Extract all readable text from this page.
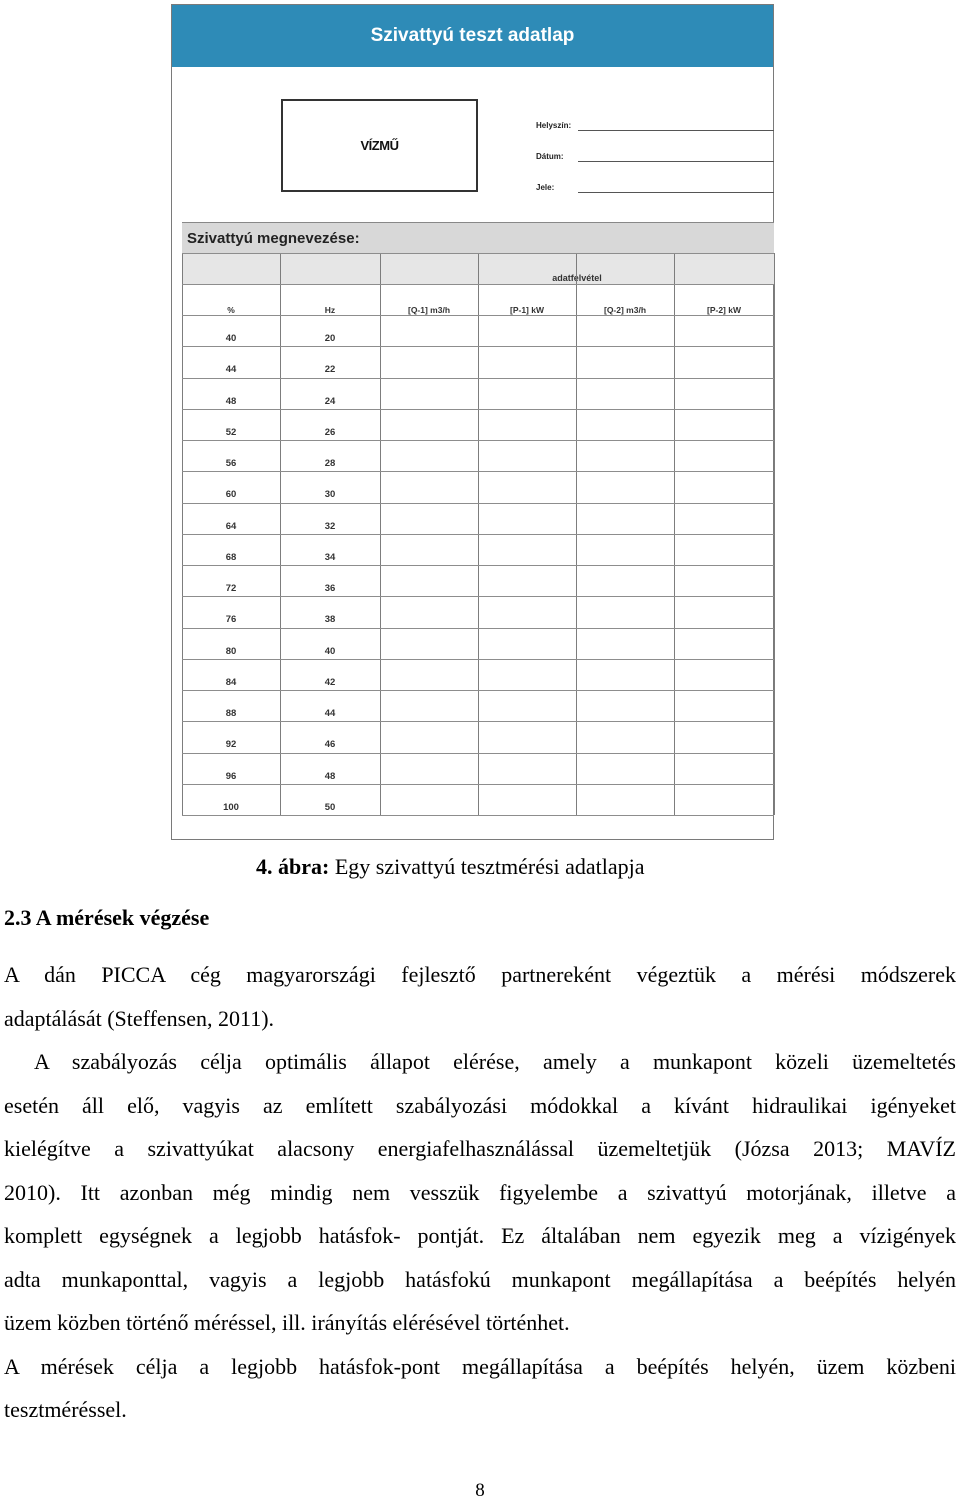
Szivattyú teszt adatlap
VÍZMŰ
Helyszín:
Dátum:
Jele:
Szivattyú megnevezése:
adatfelvétel
%	Hz	[Q-1] m3/h	[P-1] kW	[Q-2] m3/h	[P-2] kW
40	20
44	22
48	24
52	26
56	28
60	30
64	32
68	34
72	36
76	38
80	40
84	42
88	44
92	46
96	48
100	50
4. ábra: Egy szivattyú tesztmérési adatlapja
2.3 A mérések végzése
A dán PICCA cég magyarországi fejlesztő partnereként végeztük a mérési módszerek
adaptálását (Steffensen, 2011).
A szabályozás célja optimális állapot elérése, amely a munkapont közeli üzemeltetés
esetén áll elő, vagyis az említett szabályozási módokkal a kívánt hidraulikai igényeket
kielégítve a szivattyúkat alacsony energiafelhasználással üzemeltetjük (Józsa 2013; MAVÍZ
2010). Itt azonban még mindig nem vesszük figyelembe a szivattyú motorjának, illetve a
komplett egységnek a legjobb hatásfok- pontját. Ez általában nem egyezik meg a vízigények
adta munkaponttal, vagyis a legjobb hatásfokú munkapont megállapítása a beépítés helyén
üzem közben történő méréssel, ill. irányítás elérésével történhet.
A mérések célja a legjobb hatásfok-pont megállapítása a beépítés helyén, üzem közbeni
tesztméréssel.
8
